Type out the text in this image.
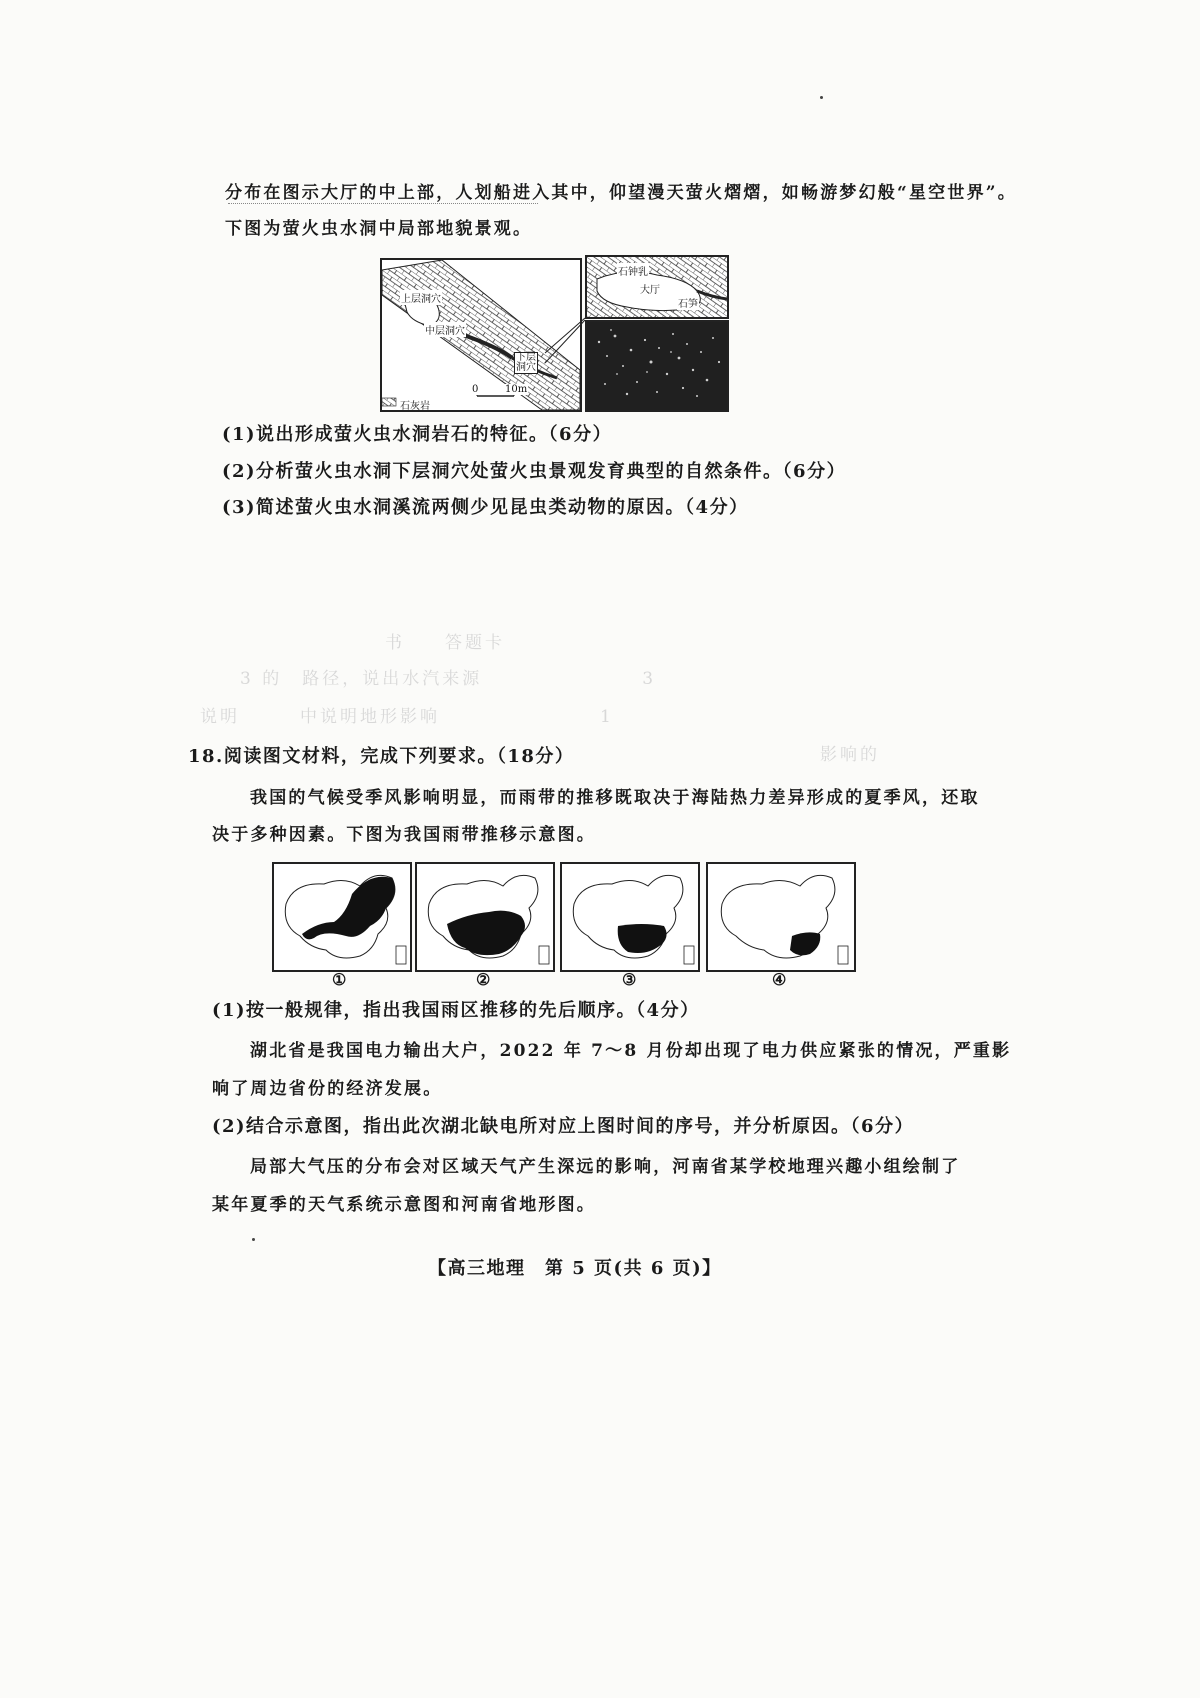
书　　答题卡
3 的　路径，说出水汽来源　　　　　　　　3
说明　　　中说明地形影响　　　　　　　　1
　　　　　　　　　　　　　　影响的
分布在图示大厅的中上部，人划船进入其中，仰望漫天萤火熠熠，如畅游梦幻般“星空世界”。
下图为萤火虫水洞中局部地貌景观。
上层洞穴
中层洞穴
下层洞穴
0	10m
石灰岩
石钟乳
大厅
石笋
(1)说出形成萤火虫水洞岩石的特征。（6分）
(2)分析萤火虫水洞下层洞穴处萤火虫景观发育典型的自然条件。（6分）
(3)简述萤火虫水洞溪流两侧少见昆虫类动物的原因。（4分）
18.阅读图文材料，完成下列要求。（18分）
我国的气候受季风影响明显，而雨带的推移既取决于海陆热力差异形成的夏季风，还取
决于多种因素。下图为我国雨带推移示意图。
①	②	③	④
(1)按一般规律，指出我国雨区推移的先后顺序。（4分）
湖北省是我国电力输出大户，2022 年 7～8 月份却出现了电力供应紧张的情况，严重影
响了周边省份的经济发展。
(2)结合示意图，指出此次湖北缺电所对应上图时间的序号，并分析原因。（6分）
局部大气压的分布会对区域天气产生深远的影响，河南省某学校地理兴趣小组绘制了
某年夏季的天气系统示意图和河南省地形图。
【高三地理　第 5 页(共 6 页)】
